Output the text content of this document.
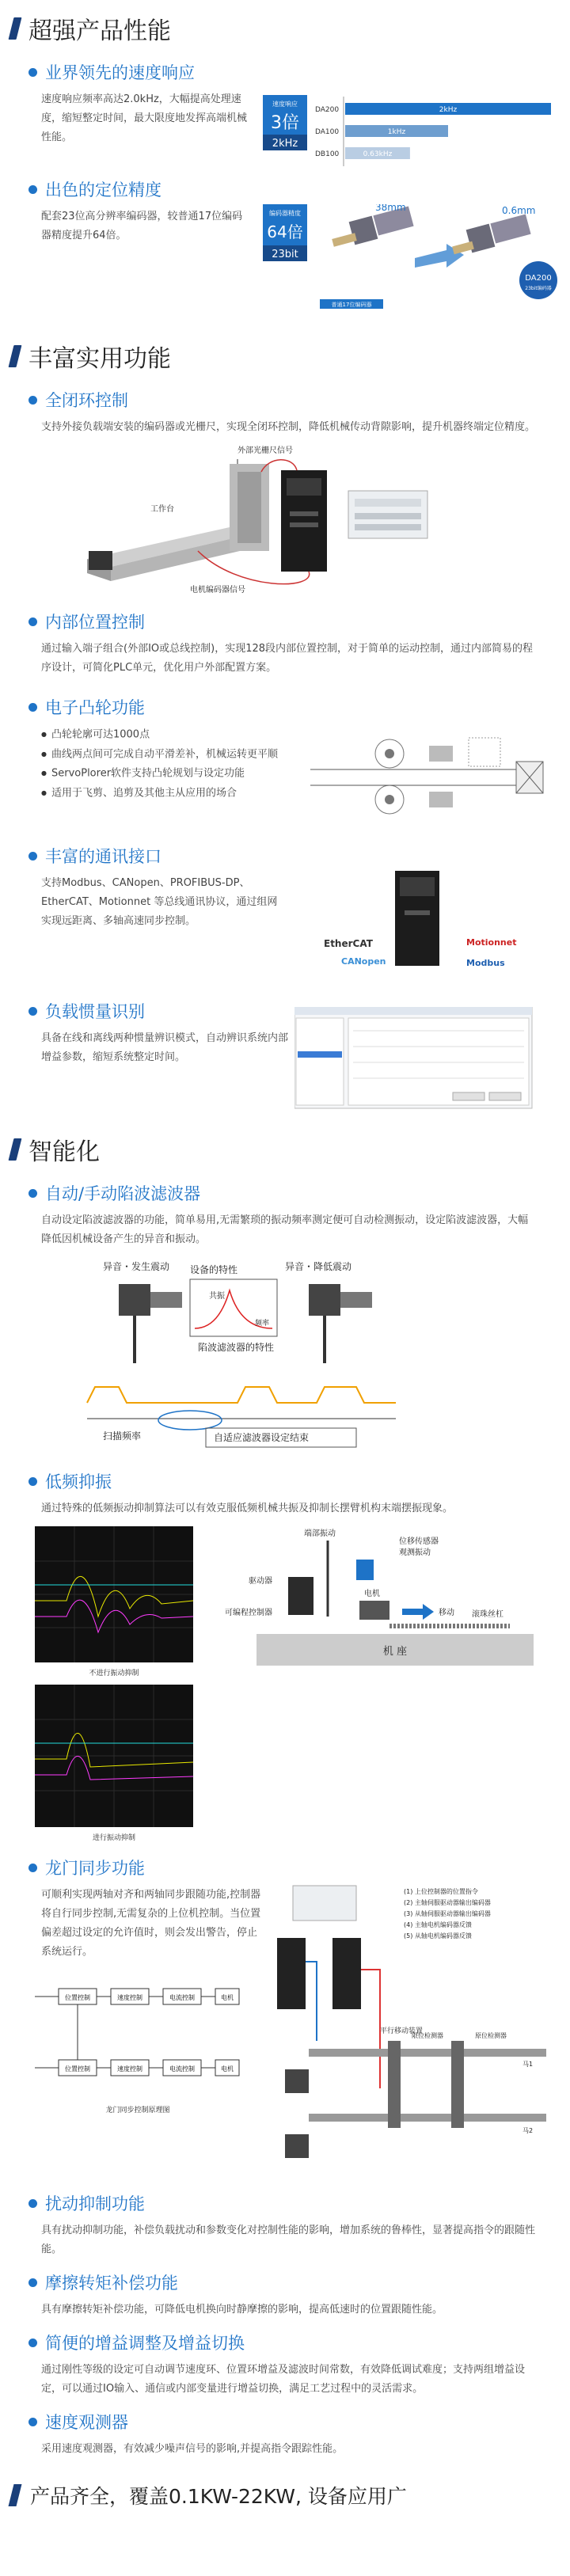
超强产品性能
业界领先的速度响应
速度响应频率高达2.0kHz，大幅提高处理速度，缩短整定时间，最大限度地发挥高端机械性能。
速度响应
3倍
2kHz
DA200	2kHz
DA100	1kHz
DB100	0.63kHz
出色的定位精度
配套23位高分辨率编码器，较普通17位编码器精度提升64倍。
编码器精度
64倍
23bit
38mm	0.6mm
DA200
23bit编码器
普通17位编码器
丰富实用功能
全闭环控制
支持外接负载端安装的编码器或光栅尺，实现全闭环控制，降低机械传动背隙影响，提升机器终端定位精度。
外部光栅尺信号
工作台
电机编码器信号
内部位置控制
通过输入端子组合(外部IO或总线控制)，实现128段内部位置控制，对于简单的运动控制，通过内部简易的程序设计，可简化PLC单元，优化用户外部配置方案。
电子凸轮功能
● 凸轮轮廓可达1000点
● 曲线两点间可完成自动平滑差补，机械运转更平顺
● ServoPlorer软件支持凸轮规划与设定功能
● 适用于飞剪、追剪及其他主从应用的场合
丰富的通讯接口
支持Modbus、CANopen、PROFIBUS-DP、EtherCAT、Motionnet 等总线通讯协议，通过组网实现远距离、多轴高速同步控制。
EtherCAT
CANopen	Modbus
Motionnet
负载惯量识别
具备在线和离线两种惯量辨识模式，自动辨识系统内部增益参数，缩短系统整定时间。
智能化
自动/手动陷波滤波器
自动设定陷波滤波器的功能，简单易用,无需繁琐的振动频率测定便可自动检测振动，设定陷波滤波器，大幅降低因机械设备产生的异音和振动。
异音・发生震动	异音・降低震动
设备的特性
共振
频率
陷波滤波器的特性
扫描频率	自适应滤波器设定结束
低频抑振
通过特殊的低频振动抑制算法可以有效克服低频机械共振及抑制长摆臂机构末端摆振现象。
不进行振动抑制
进行振动抑制
端部振动
位移传感器
观测振动
驱动器
电机
移动
可编程控制器	滚珠丝杠
机 座
龙门同步功能
可顺利实现两轴对齐和两轴同步跟随功能,控制器将自行同步控制,无需复杂的上位机控制。当位置偏差超过设定的允许值时，则会发出警告，停止系统运行。
位置控制	速度控制	电流控制	电机
位置控制	速度控制	电流控制	电机
龙门同步控制原理图
(1) 上位控制器的位置指令
(2) 主轴伺服驱动器输出编码器
(3) 从轴伺服驱动器输出编码器
(4) 主轴电机编码器反馈
(5) 从轴电机编码器反馈
平行移动装置
限位检测器	原位检测器
马1
马2
扰动抑制功能
具有扰动抑制功能，补偿负载扰动和参数变化对控制性能的影响，增加系统的鲁棒性，显著提高指令的跟随性能。
摩擦转矩补偿功能
具有摩擦转矩补偿功能，可降低电机换向时静摩擦的影响，提高低速时的位置跟随性能。
简便的增益调整及增益切换
通过刚性等级的设定可自动调节速度环、位置环增益及滤波时间常数，有效降低调试难度；支持两组增益设定，可以通过IO输入、通信或内部变量进行增益切换，满足工艺过程中的灵活需求。
速度观测器
采用速度观测器，有效减少噪声信号的影响,并提高指令跟踪性能。
产品齐全，覆盖0.1KW-22KW, 设备应用广
